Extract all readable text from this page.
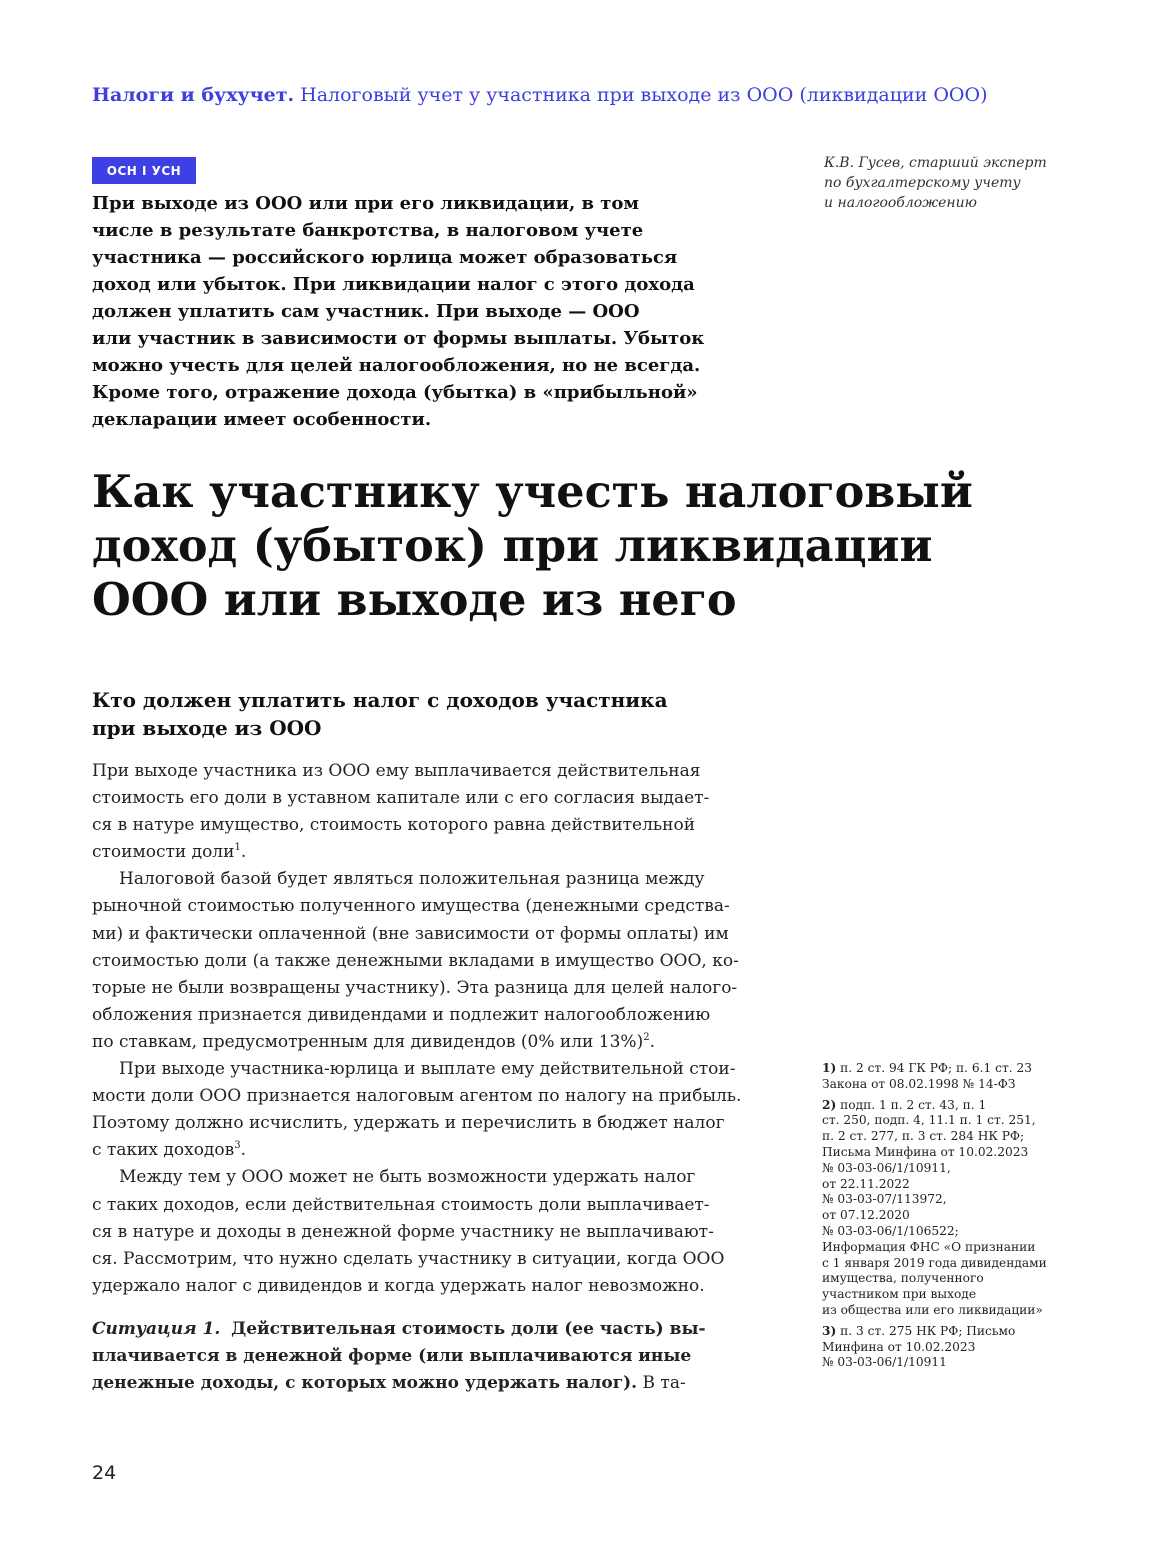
Налоги и бухучет. Налоговый учет у участника при выходе из ООО (ликвидации ООО)
ОСН I УСН	К.В. Гусев, старший эксперт
по бухгалтерскому учету
и налогообложению
При выходе из ООО или при его ликвидации, в том
числе в результате банкротства, в налоговом учете
участника — российского юрлица может образоваться
доход или убыток. При ликвидации налог с этого дохода
должен уплатить сам участник. При выходе — ООО
или участник в зависимости от формы выплаты. Убыток
можно учесть для целей налогообложения, но не всегда.
Кроме того, отражение дохода (убытка) в «прибыльной»
декларации имеет особенности.
Как участнику учесть налоговый
доход (убыток) при ликвидации
ООО или выходе из него
Кто должен уплатить налог с доходов участника
при выходе из ООО
При выходе участника из ООО ему выплачивается действительная
стоимость его доли в уставном капитале или с его согласия выдает-
ся в натуре имущество, стоимость которого равна действительной
стоимости доли$^1$.
Налоговой базой будет являться положительная разница между
рыночной стоимостью полученного имущества (денежными средства-
ми) и фактически оплаченной (вне зависимости от формы оплаты) им
стоимостью доли (а также денежными вкладами в имущество ООО, ко-
торые не были возвращены участнику). Эта разница для целей налого-
обложения признается дивидендами и подлежит налогообложению
по ставкам, предусмотренным для дивидендов (0% или 13%)$^2$.
При выходе участника-юрлица и выплате ему действительной стои-
мости доли ООО признается налоговым агентом по налогу на прибыль.
Поэтому должно исчислить, удержать и перечислить в бюджет налог
с таких доходов$^3$.
Между тем у ООО может не быть возможности удержать налог
с таких доходов, если действительная стоимость доли выплачивает-
ся в натуре и доходы в денежной форме участнику не выплачивают-
ся. Рассмотрим, что нужно сделать участнику в ситуации, когда ООО
удержало налог с дивидендов и когда удержать налог невозможно.
Ситуация 1. Действительная стоимость доли (ее часть) вы-
плачивается в денежной форме (или выплачиваются иные
денежные доходы, с которых можно удержать налог). В та-
1) п. 2 ст. 94 ГК РФ; п. 6.1 ст. 23
Закона от 08.02.1998 № 14-ФЗ
2) подп. 1 п. 2 ст. 43, п. 1
ст. 250, подп. 4, 11.1 п. 1 ст. 251,
п. 2 ст. 277, п. 3 ст. 284 НК РФ;
Письма Минфина от 10.02.2023
№ 03-03-06/1/10911,
от 22.11.2022
№ 03-03-07/113972,
от 07.12.2020
№ 03-03-06/1/106522;
Информация ФНС «О признании
с 1 января 2019 года дивидендами
имущества, полученного
участником при выходе
из общества или его ликвидации»
3) п. 3 ст. 275 НК РФ; Письмо
Минфина от 10.02.2023
№ 03-03-06/1/10911
24
